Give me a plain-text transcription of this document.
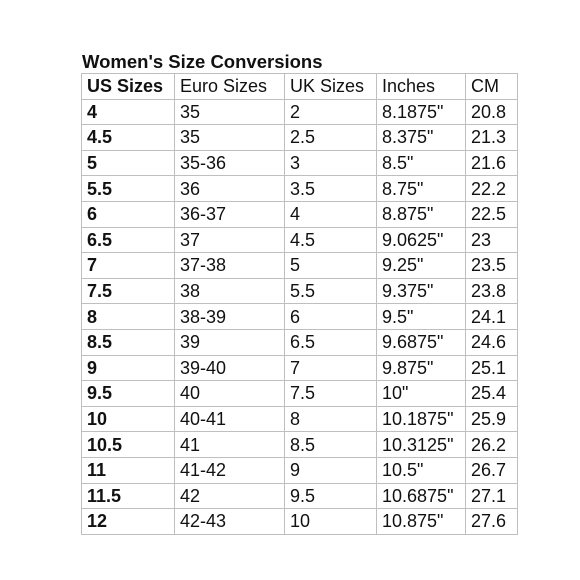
Women's Size Conversions
US Sizes	Euro Sizes	UK Sizes	Inches	CM
4	35	2	8.1875"	20.8
4.5	35	2.5	8.375"	21.3
5	35-36	3	8.5"	21.6
5.5	36	3.5	8.75"	22.2
6	36-37	4	8.875"	22.5
6.5	37	4.5	9.0625"	23
7	37-38	5	9.25"	23.5
7.5	38	5.5	9.375"	23.8
8	38-39	6	9.5"	24.1
8.5	39	6.5	9.6875"	24.6
9	39-40	7	9.875"	25.1
9.5	40	7.5	10"	25.4
10	40-41	8	10.1875"	25.9
10.5	41	8.5	10.3125"	26.2
11	41-42	9	10.5"	26.7
11.5	42	9.5	10.6875"	27.1
12	42-43	10	10.875"	27.6
